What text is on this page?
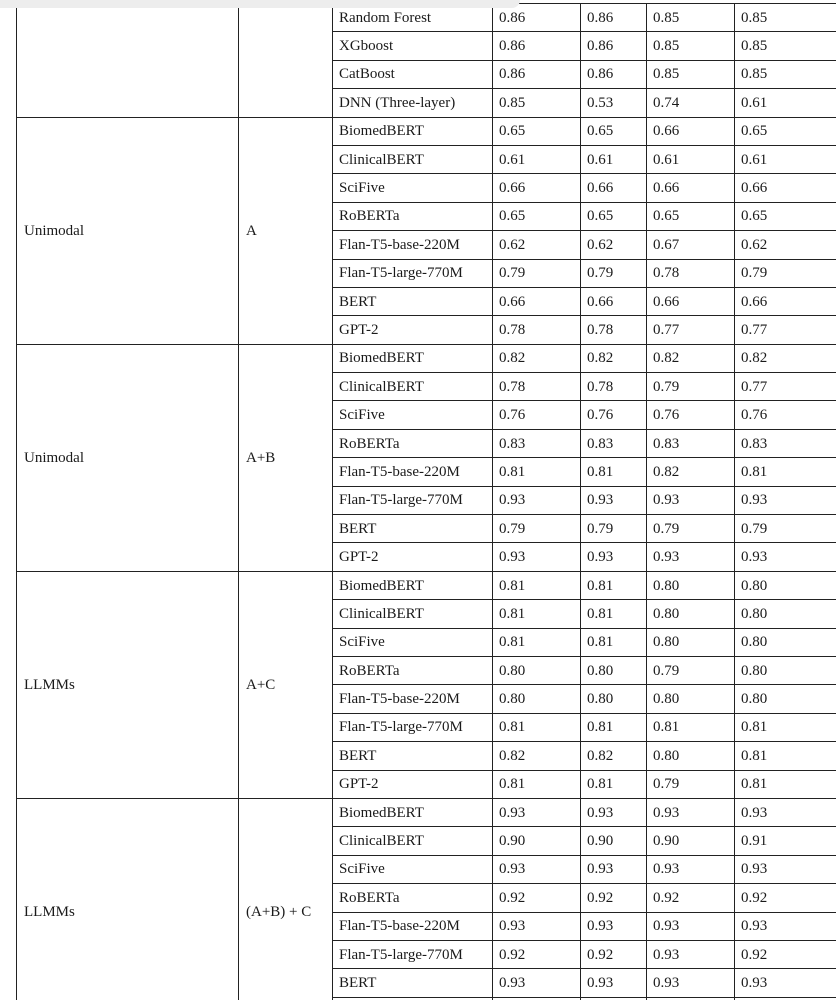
		Random Forest	0.86	0.86	0.85	0.85
		XGboost	0.86	0.86	0.85	0.85
		CatBoost	0.86	0.86	0.85	0.85
		DNN (Three-layer)	0.85	0.53	0.74	0.61
Unimodal	A	BiomedBERT	0.65	0.65	0.66	0.65
		ClinicalBERT	0.61	0.61	0.61	0.61
		SciFive	0.66	0.66	0.66	0.66
		RoBERTa	0.65	0.65	0.65	0.65
		Flan-T5-base-220M	0.62	0.62	0.67	0.62
		Flan-T5-large-770M	0.79	0.79	0.78	0.79
		BERT	0.66	0.66	0.66	0.66
		GPT-2	0.78	0.78	0.77	0.77
Unimodal	A+B	BiomedBERT	0.82	0.82	0.82	0.82
		ClinicalBERT	0.78	0.78	0.79	0.77
		SciFive	0.76	0.76	0.76	0.76
		RoBERTa	0.83	0.83	0.83	0.83
		Flan-T5-base-220M	0.81	0.81	0.82	0.81
		Flan-T5-large-770M	0.93	0.93	0.93	0.93
		BERT	0.79	0.79	0.79	0.79
		GPT-2	0.93	0.93	0.93	0.93
LLMMs	A+C	BiomedBERT	0.81	0.81	0.80	0.80
		ClinicalBERT	0.81	0.81	0.80	0.80
		SciFive	0.81	0.81	0.80	0.80
		RoBERTa	0.80	0.80	0.79	0.80
		Flan-T5-base-220M	0.80	0.80	0.80	0.80
		Flan-T5-large-770M	0.81	0.81	0.81	0.81
		BERT	0.82	0.82	0.80	0.81
		GPT-2	0.81	0.81	0.79	0.81
LLMMs	(A+B) + C	BiomedBERT	0.93	0.93	0.93	0.93
		ClinicalBERT	0.90	0.90	0.90	0.91
		SciFive	0.93	0.93	0.93	0.93
		RoBERTa	0.92	0.92	0.92	0.92
		Flan-T5-base-220M	0.93	0.93	0.93	0.93
		Flan-T5-large-770M	0.92	0.92	0.93	0.92
		BERT	0.93	0.93	0.93	0.93
